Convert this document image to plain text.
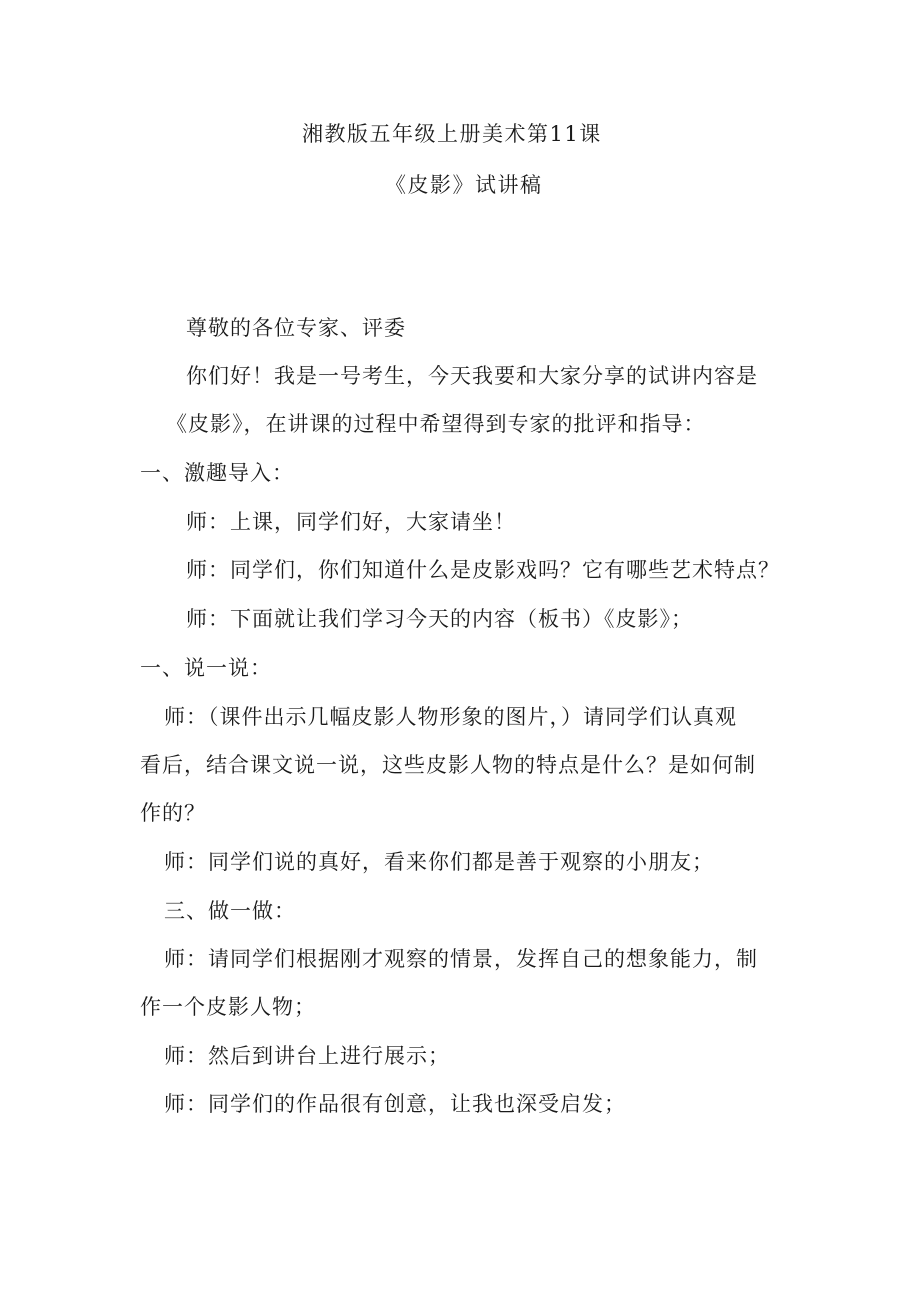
湘教版五年级上册美术第11课
《皮影》试讲稿
尊敬的各位专家、评委
你们好！我是一号考生，今天我要和大家分享的试讲内容是
《皮影》，在讲课的过程中希望得到专家的批评和指导：
一、激趣导入：
师：上课，同学们好，大家请坐！
师：同学们，你们知道什么是皮影戏吗？它有哪些艺术特点？
师：下面就让我们学习今天的内容（板书）《皮影》；
一、说一说：
师：（课件出示几幅皮影人物形象的图片，）请同学们认真观
看后，结合课文说一说，这些皮影人物的特点是什么？是如何制
作的？
师：同学们说的真好，看来你们都是善于观察的小朋友；
三、做一做：
师：请同学们根据刚才观察的情景，发挥自己的想象能力，制
作一个皮影人物；
师：然后到讲台上进行展示；
师：同学们的作品很有创意，让我也深受启发；
